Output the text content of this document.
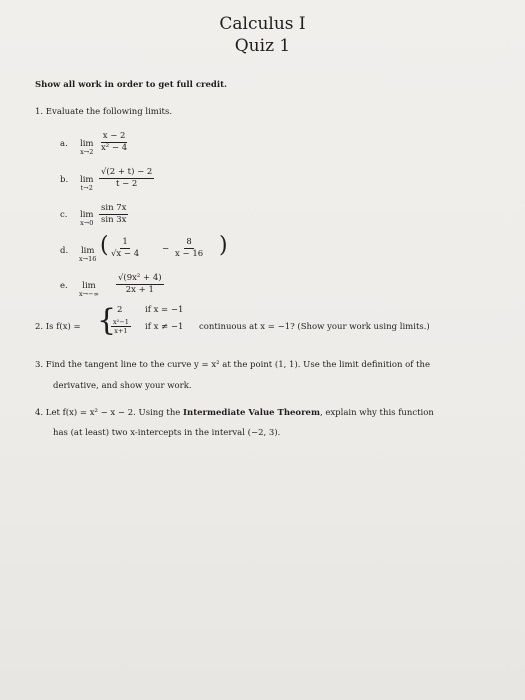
Calculus I
Quiz 1
Show all work in order to get full credit.
1. Evaluate the following limits.
a. lim
$x\to 2 \frac{x - 2}{\text{x² − 4}}$
b. lim
$t\to 2 \frac{√(2 + t) - 2}{t - 2}$
c. lim
$x\to 0 \frac{\sin 7x}{\sin 3x}$
d. lim
x→16
( $\frac{1}{√x - 4} - \frac{8}{x - 16}$ )
e. lim
$x\to-\infty \frac{\text{√(9x² + 4)}}{2x + 1}$
2. Is f(x) = { 2	if x = −1
$\frac{\text{x²−1}}{x+1}$ if x ≠ −1 continuous at x = −1? (Show your work using limits.)
3. Find the tangent line to the curve y = x² at the point (1, 1). Use the limit definition of the
derivative, and show your work.
4. Let f(x) = x² − x − 2. Using the Intermediate Value Theorem, explain why this function
has (at least) two x-intercepts in the interval (−2, 3).
